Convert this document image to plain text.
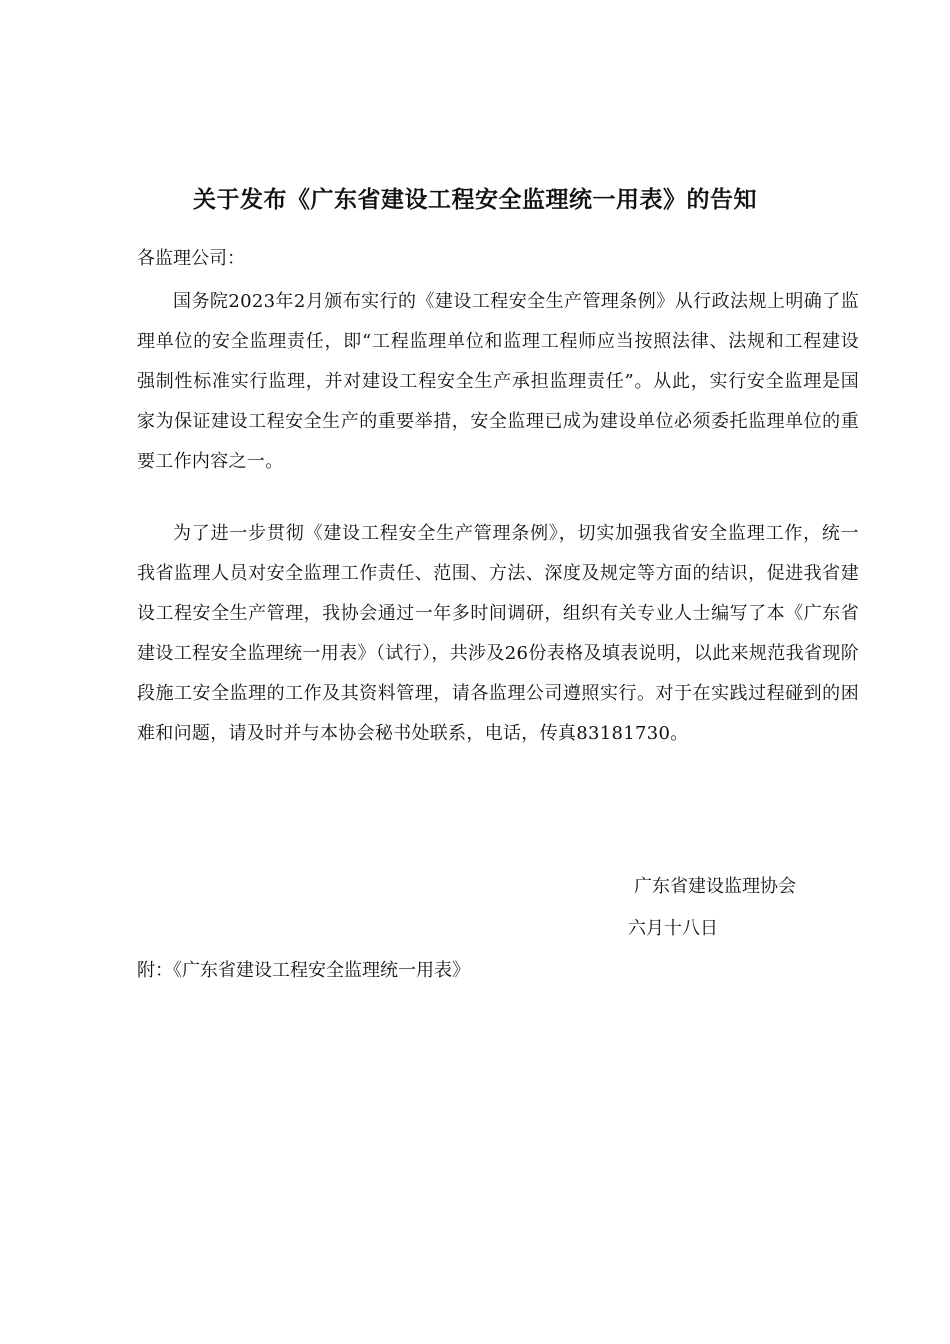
关于发布《广东省建设工程安全监理统一用表》的告知
各监理公司：
国务院2023年2月颁布实行的《建设工程安全生产管理条例》从行政法规上明确了监理单位的安全监理责任，即“工程监理单位和监理工程师应当按照法律、法规和工程建设强制性标准实行监理，并对建设工程安全生产承担监理责任”。从此，实行安全监理是国家为保证建设工程安全生产的重要举措，安全监理已成为建设单位必须委托监理单位的重要工作内容之一。
为了进一步贯彻《建设工程安全生产管理条例》，切实加强我省安全监理工作，统一我省监理人员对安全监理工作责任、范围、方法、深度及规定等方面的结识，促进我省建设工程安全生产管理，我协会通过一年多时间调研，组织有关专业人士编写了本《广东省建设工程安全监理统一用表》（试行），共涉及26份表格及填表说明，以此来规范我省现阶段施工安全监理的工作及其资料管理，请各监理公司遵照实行。对于在实践过程碰到的困难和问题，请及时并与本协会秘书处联系，电话，传真83181730。
广东省建设监理协会
六月十八日
附：《广东省建设工程安全监理统一用表》
